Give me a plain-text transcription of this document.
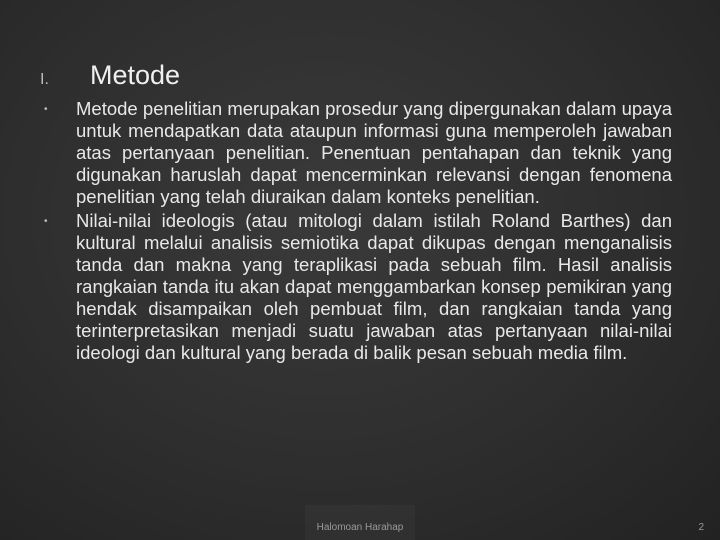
I.	Metode
•	Metode penelitian merupakan prosedur yang dipergunakan dalam upaya untuk mendapatkan data ataupun informasi guna memperoleh jawaban atas pertanyaan penelitian. Penentuan pentahapan dan teknik yang digunakan haruslah dapat mencerminkan relevansi dengan fenomena penelitian yang telah diuraikan dalam konteks penelitian.
•	Nilai-nilai ideologis (atau mitologi dalam istilah Roland Barthes) dan kultural melalui analisis semiotika dapat dikupas dengan menganalisis tanda dan makna yang teraplikasi pada sebuah film. Hasil analisis rangkaian tanda itu akan dapat menggambarkan konsep pemikiran yang hendak disampaikan oleh pembuat film, dan rangkaian tanda yang terinterpretasikan menjadi suatu jawaban atas pertanyaan nilai-nilai ideologi dan kultural yang berada di balik pesan sebuah media film.
Halomoan Harahap	2
